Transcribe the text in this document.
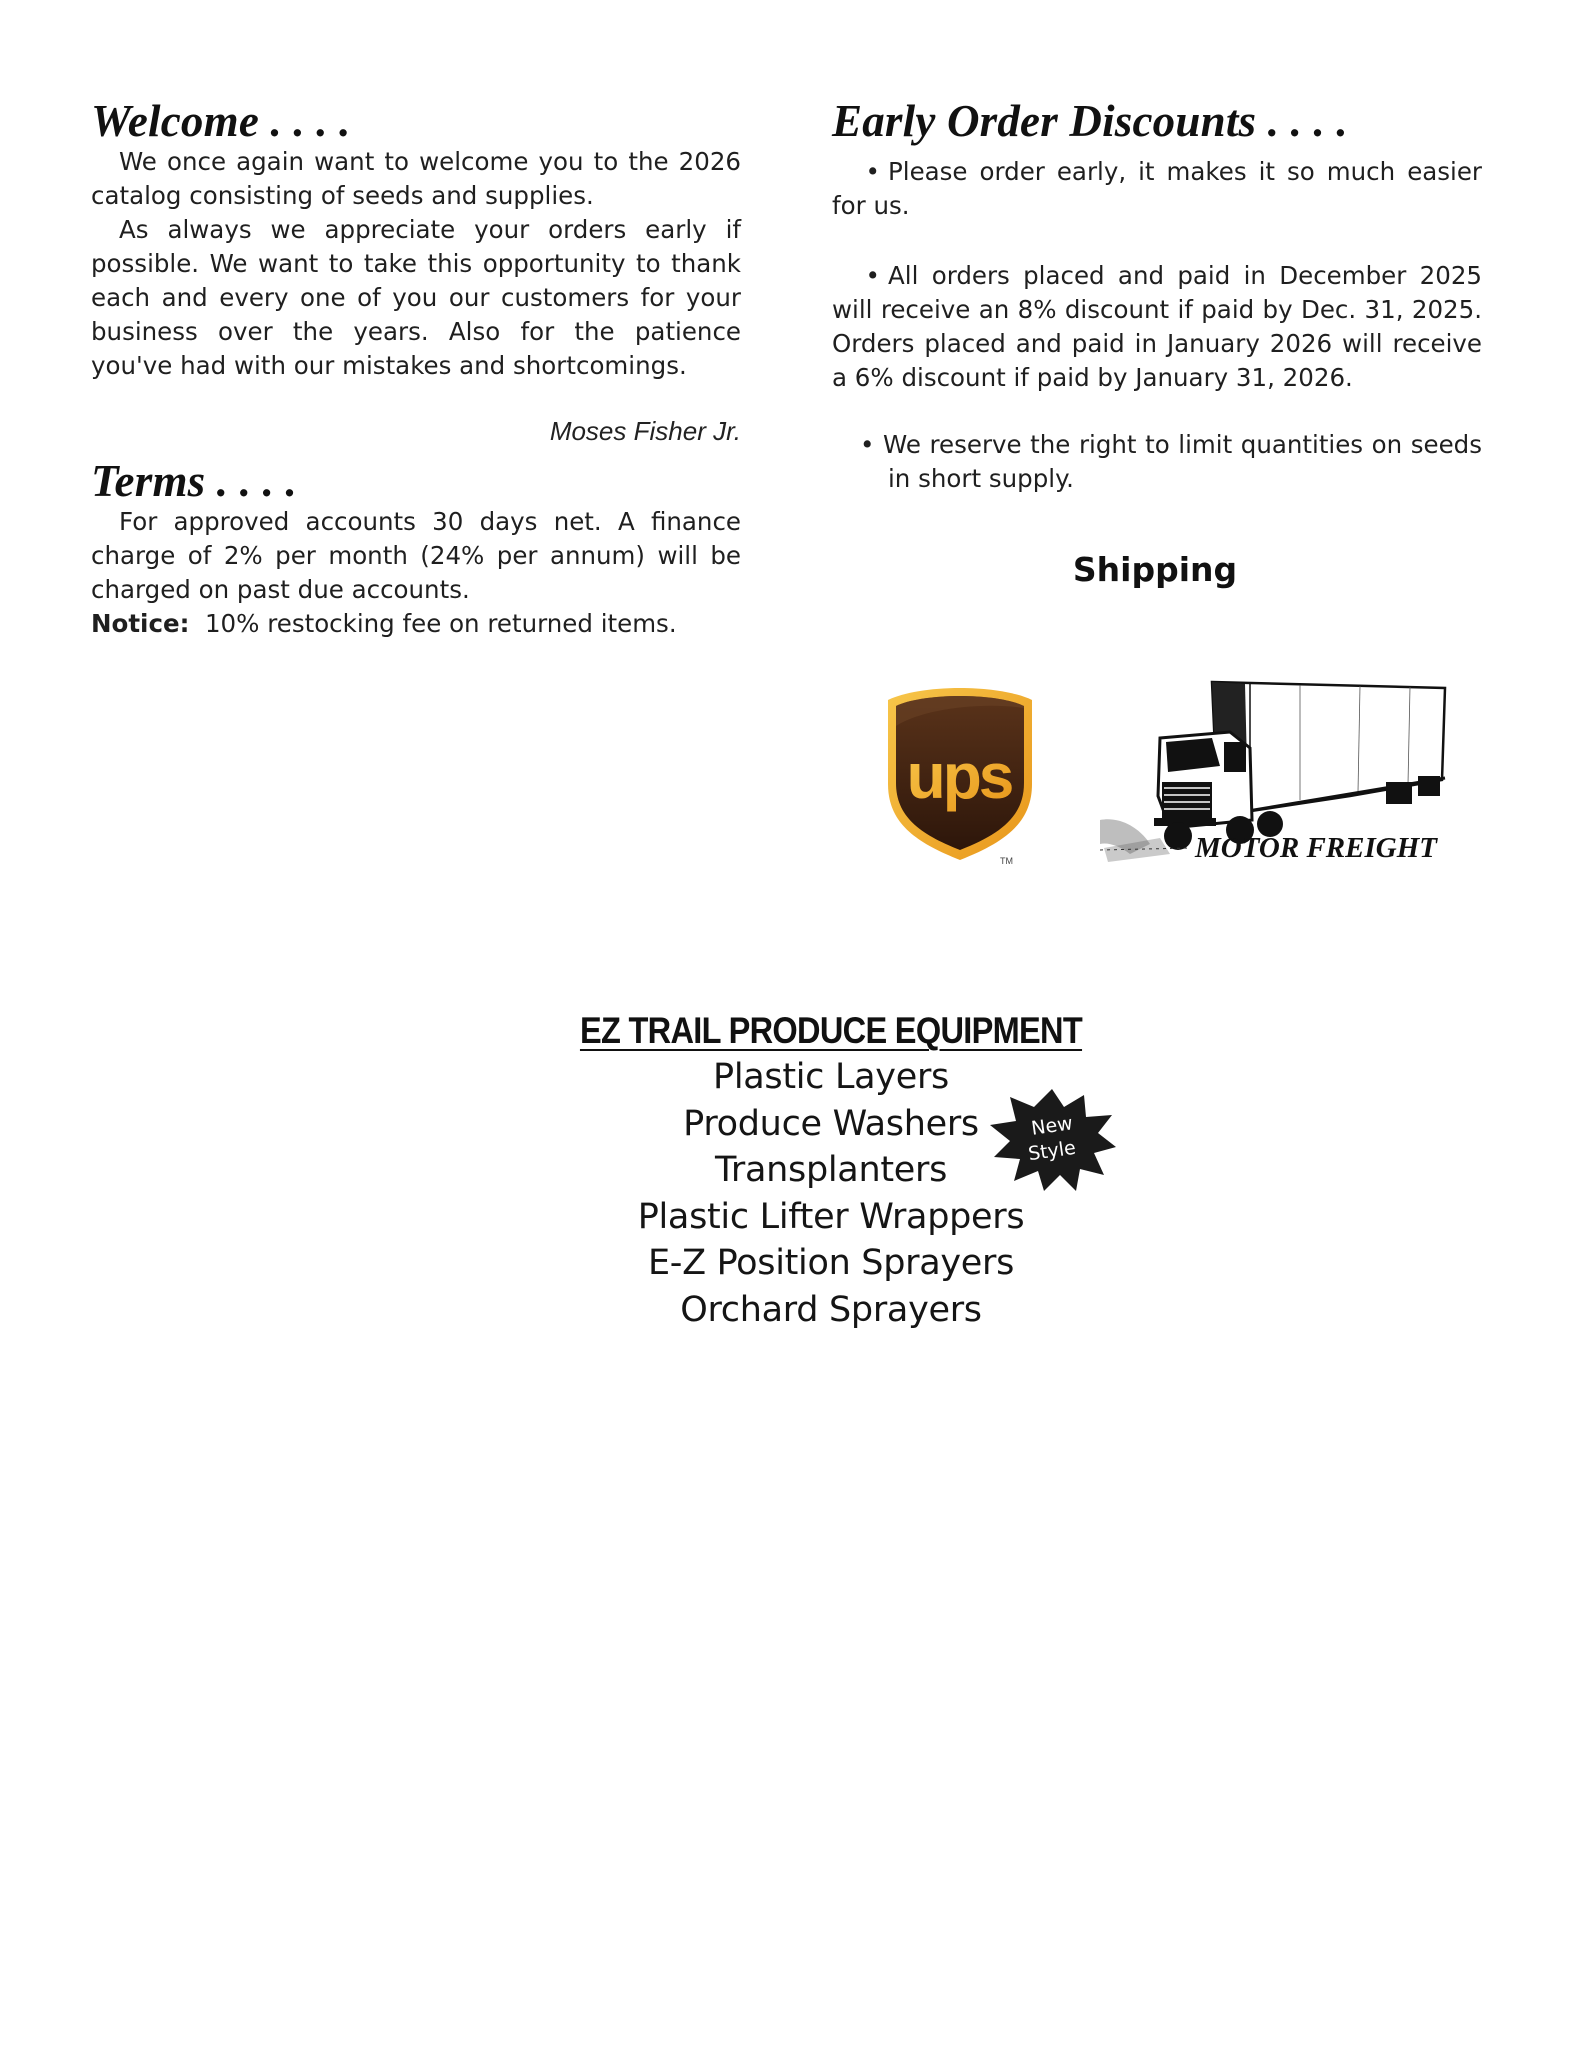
Welcome . . . .

We once again want to welcome you to the 2026 catalog consisting of seeds and supplies.

As always we appreciate your orders early if possible. We want to take this opportunity to thank each and every one of you our customers for your business over the years. Also for the patience you've had with our mistakes and shortcomings.

Moses Fisher Jr.

Terms . . . .

For approved accounts 30 days net. A finance charge of 2% per month (24% per annum) will be charged on past due accounts.

Notice: 10% restocking fee on returned items.
Early Order Discounts . . . .

• Please order early, it makes it so much easier for us.

• All orders placed and paid in December 2025 will receive an 8% discount if paid by Dec. 31, 2025. Orders placed and paid in January 2026 will receive a 6% discount if paid by January 31, 2026.

• We reserve the right to limit quantities on seeds in short supply.

Shipping
ups
TM	MOTOR FREIGHT
EZ TRAIL PRODUCE EQUIPMENT
Plastic Layers
Produce Washers
Transplanters
Plastic Lifter Wrappers
E-Z Position Sprayers
Orchard Sprayers
New
Style
